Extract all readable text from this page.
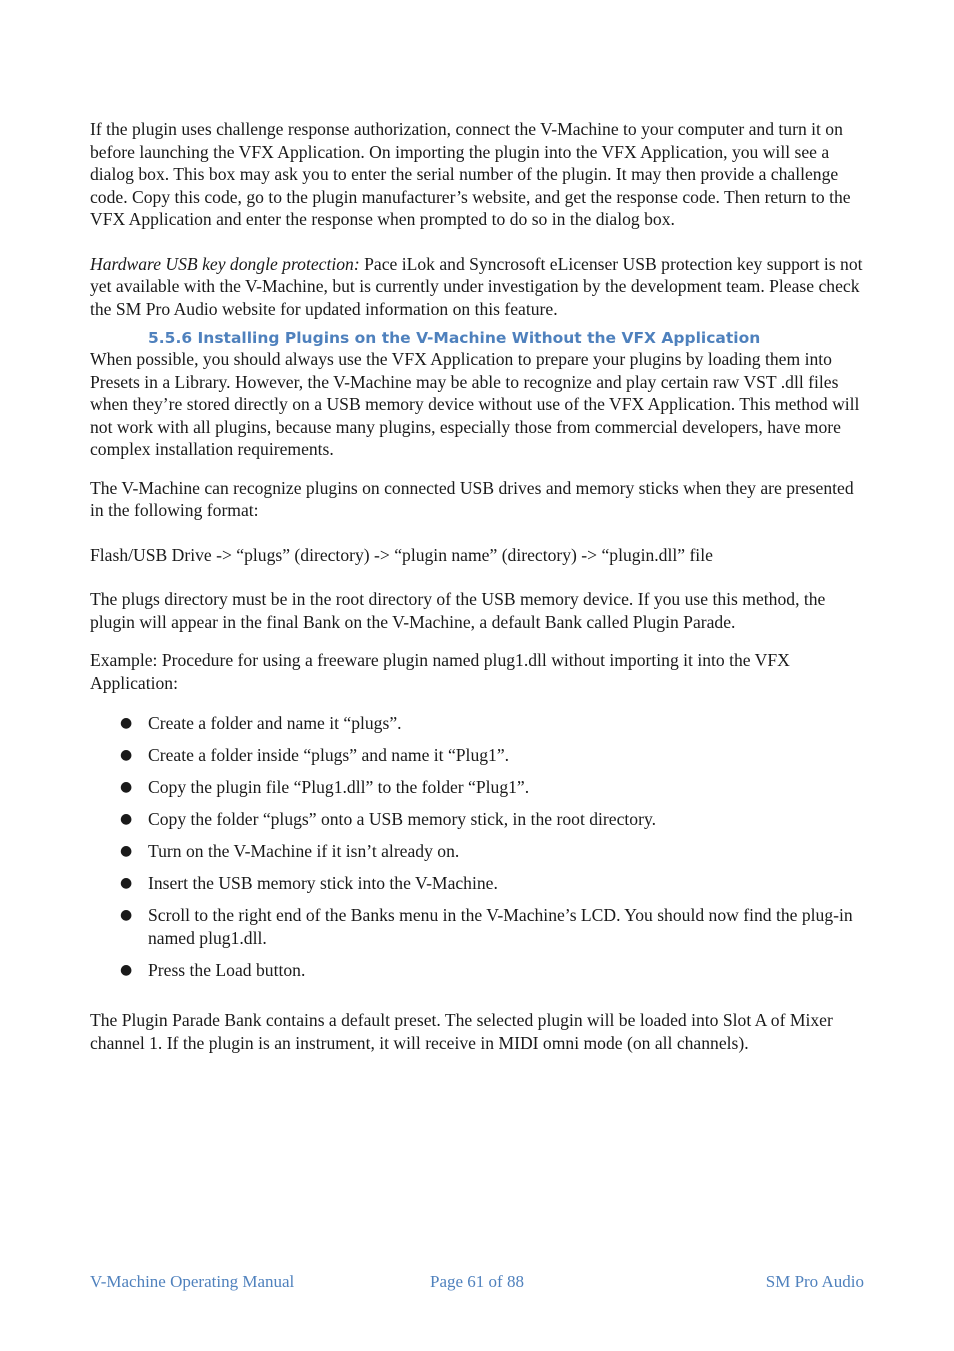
If the plugin uses challenge response authorization, connect the V-Machine to your computer and turn it on before launching the VFX Application. On importing the plugin into the VFX Application, you will see a dialog box. This box may ask you to enter the serial number of the plugin. It may then provide a challenge code. Copy this code, go to the plugin manufacturer’s website, and get the response code. Then return to the VFX Application and enter the response when prompted to do so in the dialog box.

Hardware USB key dongle protection: Pace iLok and Syncrosoft eLicenser USB protection key support is not yet available with the V-Machine, but is currently under investigation by the development team. Please check the SM Pro Audio website for updated information on this feature.

5.5.6 Installing Plugins on the V-Machine Without the VFX Application

When possible, you should always use the VFX Application to prepare your plugins by loading them into Presets in a Library. However, the V-Machine may be able to recognize and play certain raw VST .dll files when they’re stored directly on a USB memory device without use of the VFX Application. This method will not work with all plugins, because many plugins, especially those from commercial developers, have more complex installation requirements.

The V-Machine can recognize plugins on connected USB drives and memory sticks when they are presented in the following format:

Flash/USB Drive -> “plugs” (directory) -> “plugin name” (directory) -> “plugin.dll” file

The plugs directory must be in the root directory of the USB memory device. If you use this method, the plugin will appear in the final Bank on the V-Machine, a default Bank called Plugin Parade.

Example: Procedure for using a freeware plugin named plug1.dll without importing it into the VFX Application:

● Create a folder and name it “plugs”.
● Create a folder inside “plugs” and name it “Plug1”.
● Copy the plugin file “Plug1.dll” to the folder “Plug1”.
● Copy the folder “plugs” onto a USB memory stick, in the root directory.
● Turn on the V-Machine if it isn’t already on.
● Insert the USB memory stick into the V-Machine.
● Scroll to the right end of the Banks menu in the V-Machine’s LCD. You should now find the plug-in named plug1.dll.
● Press the Load button.

The Plugin Parade Bank contains a default preset. The selected plugin will be loaded into Slot A of Mixer channel 1. If the plugin is an instrument, it will receive in MIDI omni mode (on all channels).

V-Machine Operating Manual	Page 61 of 88	SM Pro Audio
